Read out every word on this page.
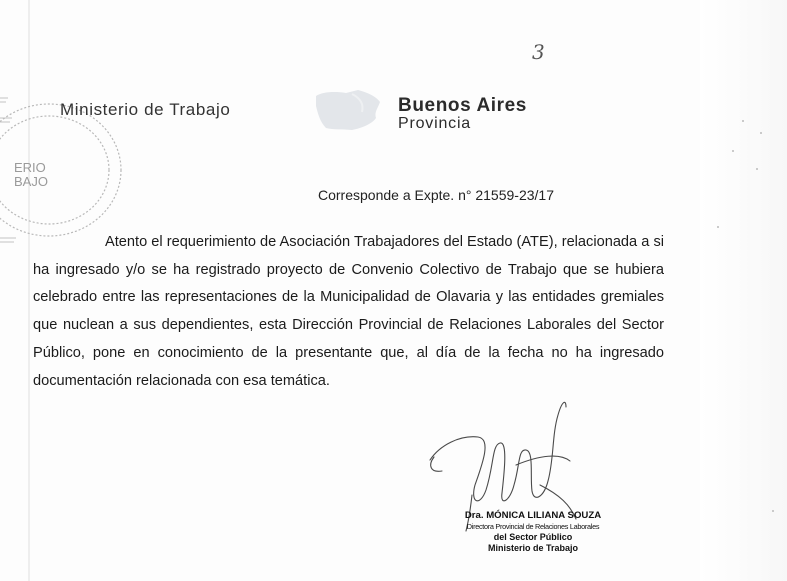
3
ERIO
BAJO
Ministerio de Trabajo	Buenos Aires
Provincia
Corresponde a Expte. n° 21559-23/17

Atento el requerimiento de Asociación Trabajadores del Estado (ATE), relacionada a si ha ingresado y/o se ha registrado proyecto de Convenio Colectivo de Trabajo que se hubiera celebrado entre las representaciones de la Municipalidad de Olavaria y las entidades gremiales que nuclean a sus dependientes, esta Dirección Provincial de Relaciones Laborales del Sector Público, pone en conocimiento de la presentante que, al día de la fecha no ha ingresado documentación relacionada con esa temática.

Dra. MÓNICA LILIANA SOUZA
Directora Provincial de Relaciones Laborales
del Sector Público
Ministerio de Trabajo
